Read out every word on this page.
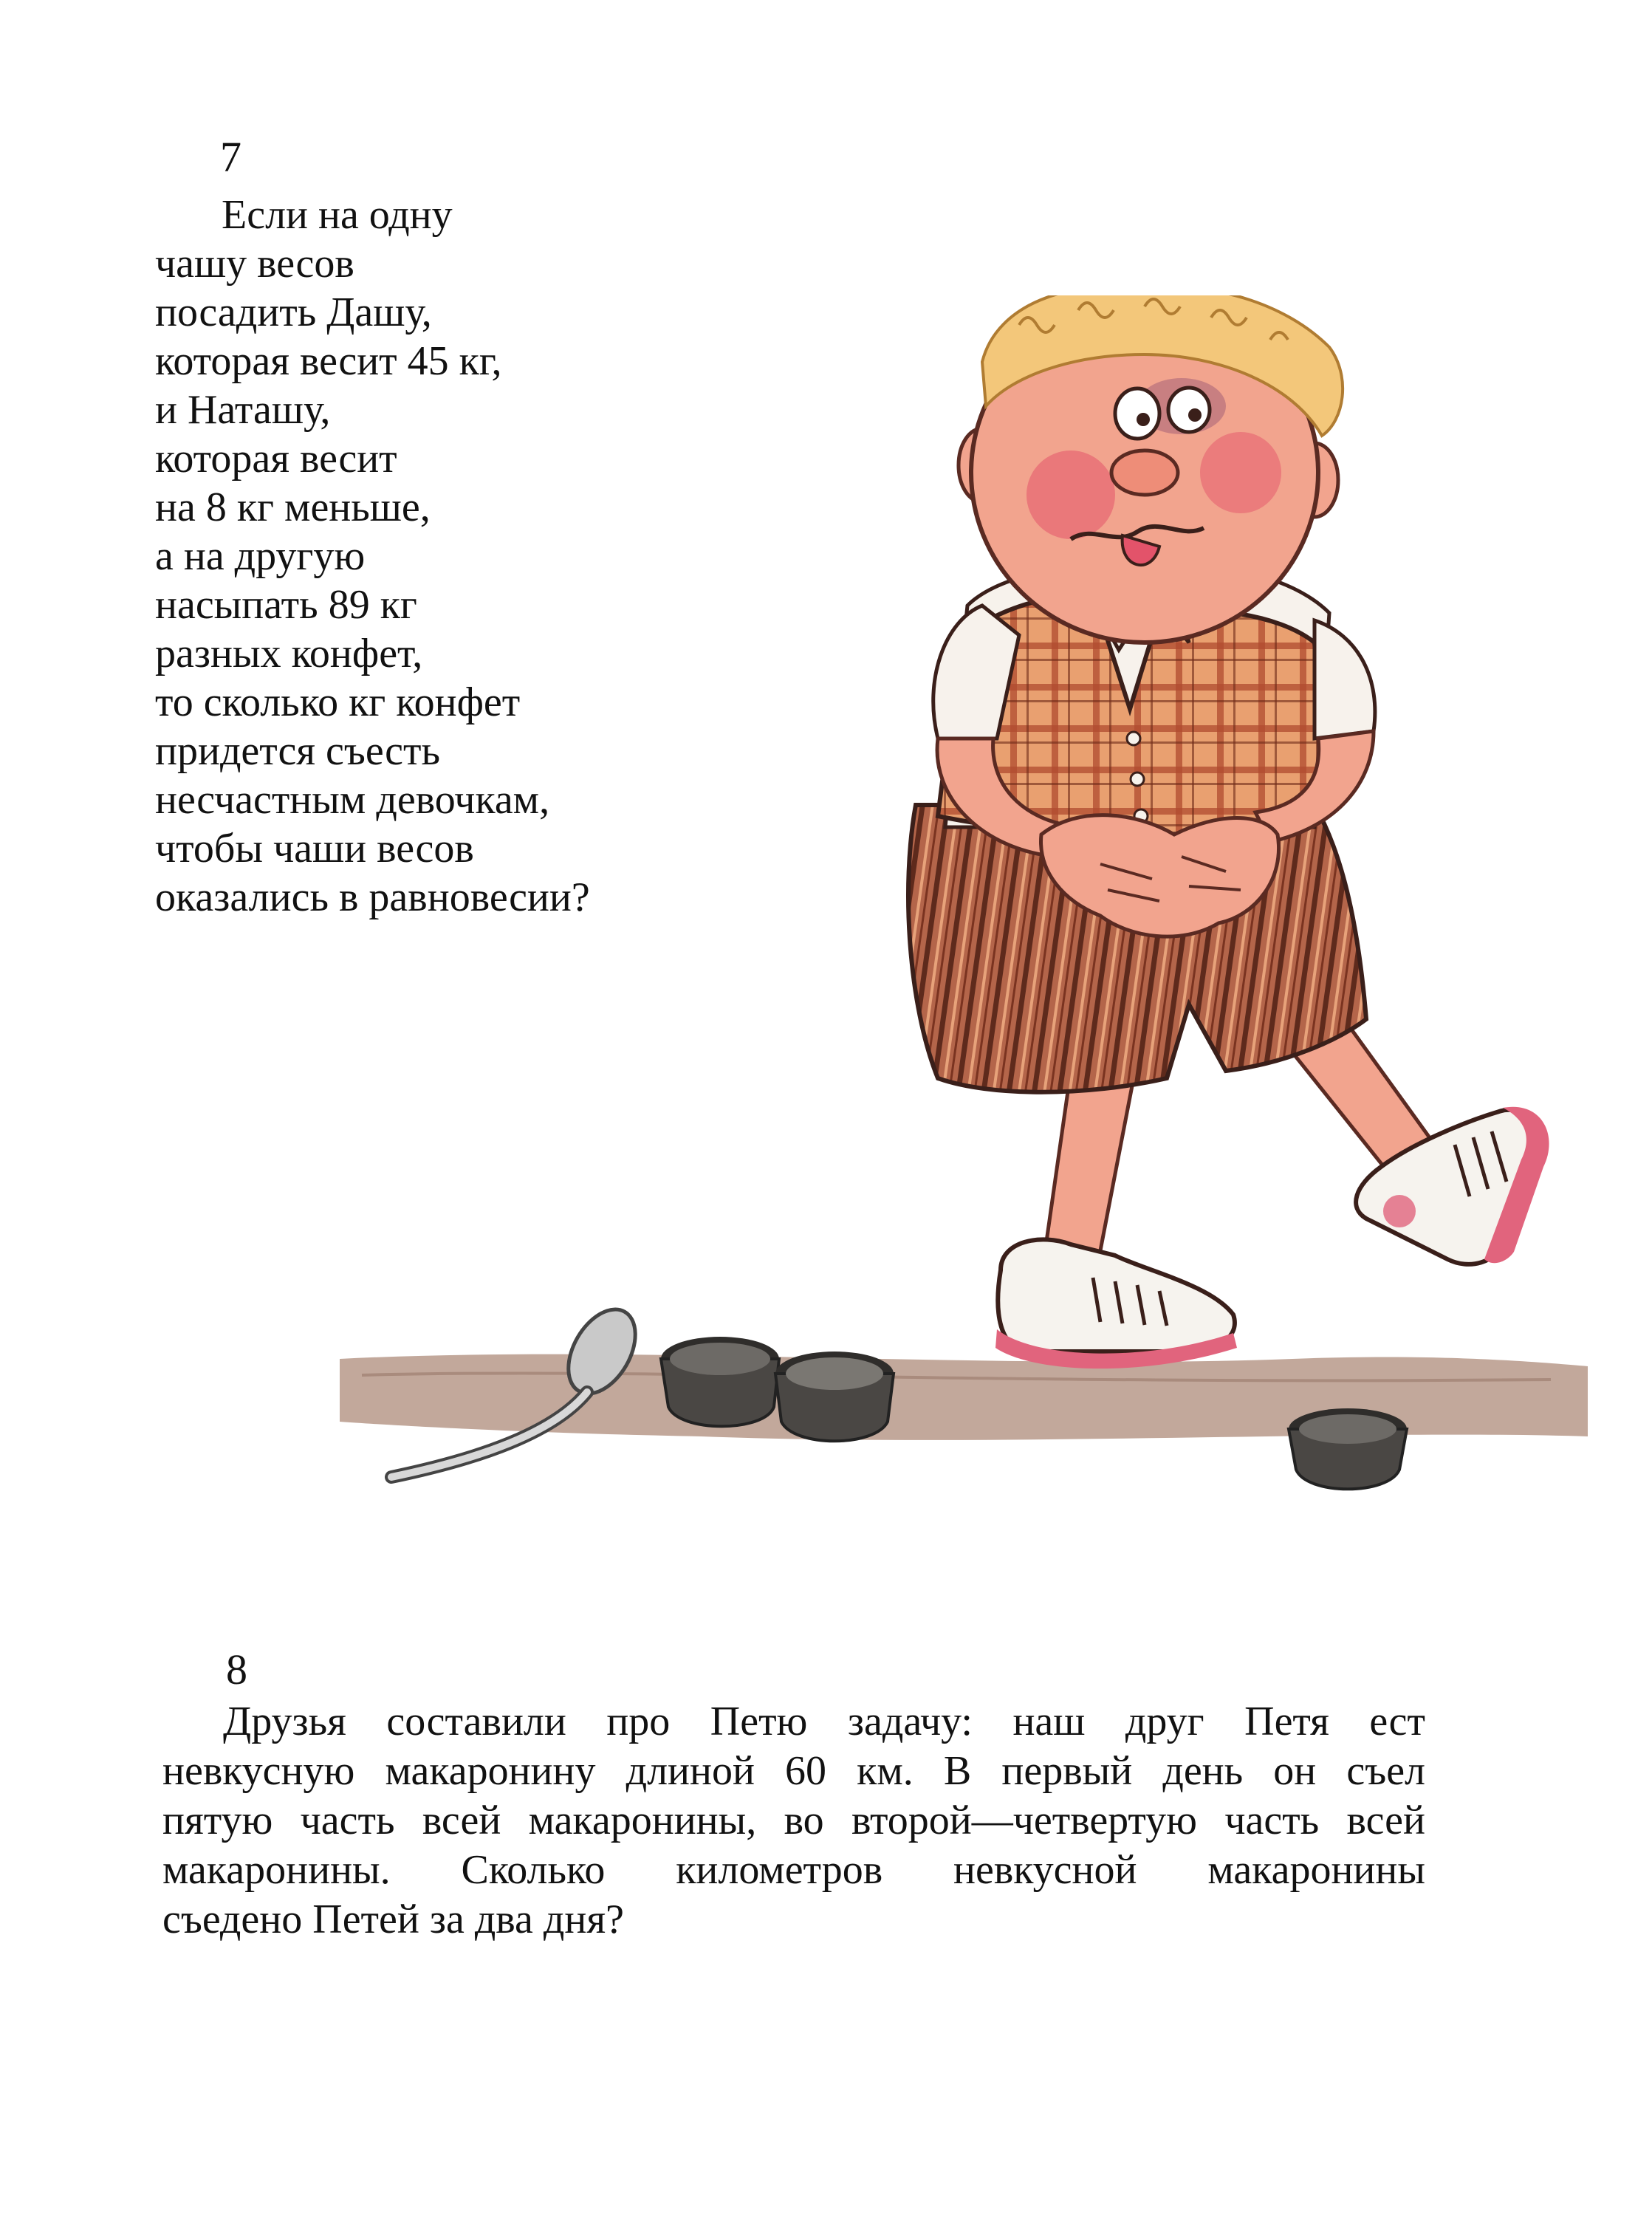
7
Если на одну
чашу весов
посадить Дашу,
которая весит 45 кг,
и Наташу,
которая весит
на 8 кг меньше,
а на другую
насыпать 89 кг
разных конфет,
то сколько кг конфет
придется съесть
несчастным девочкам,
чтобы чаши весов
оказались в равновесии?
8
Друзья составили про Петю задачу: наш друг Петя ест
невкусную макаронину длиной 60 км. В первый день он съел
пятую часть всей макаронины, во второй—четвертую часть всей
макаронины. Сколько километров невкусной макаронины
съедено Петей за два дня?
